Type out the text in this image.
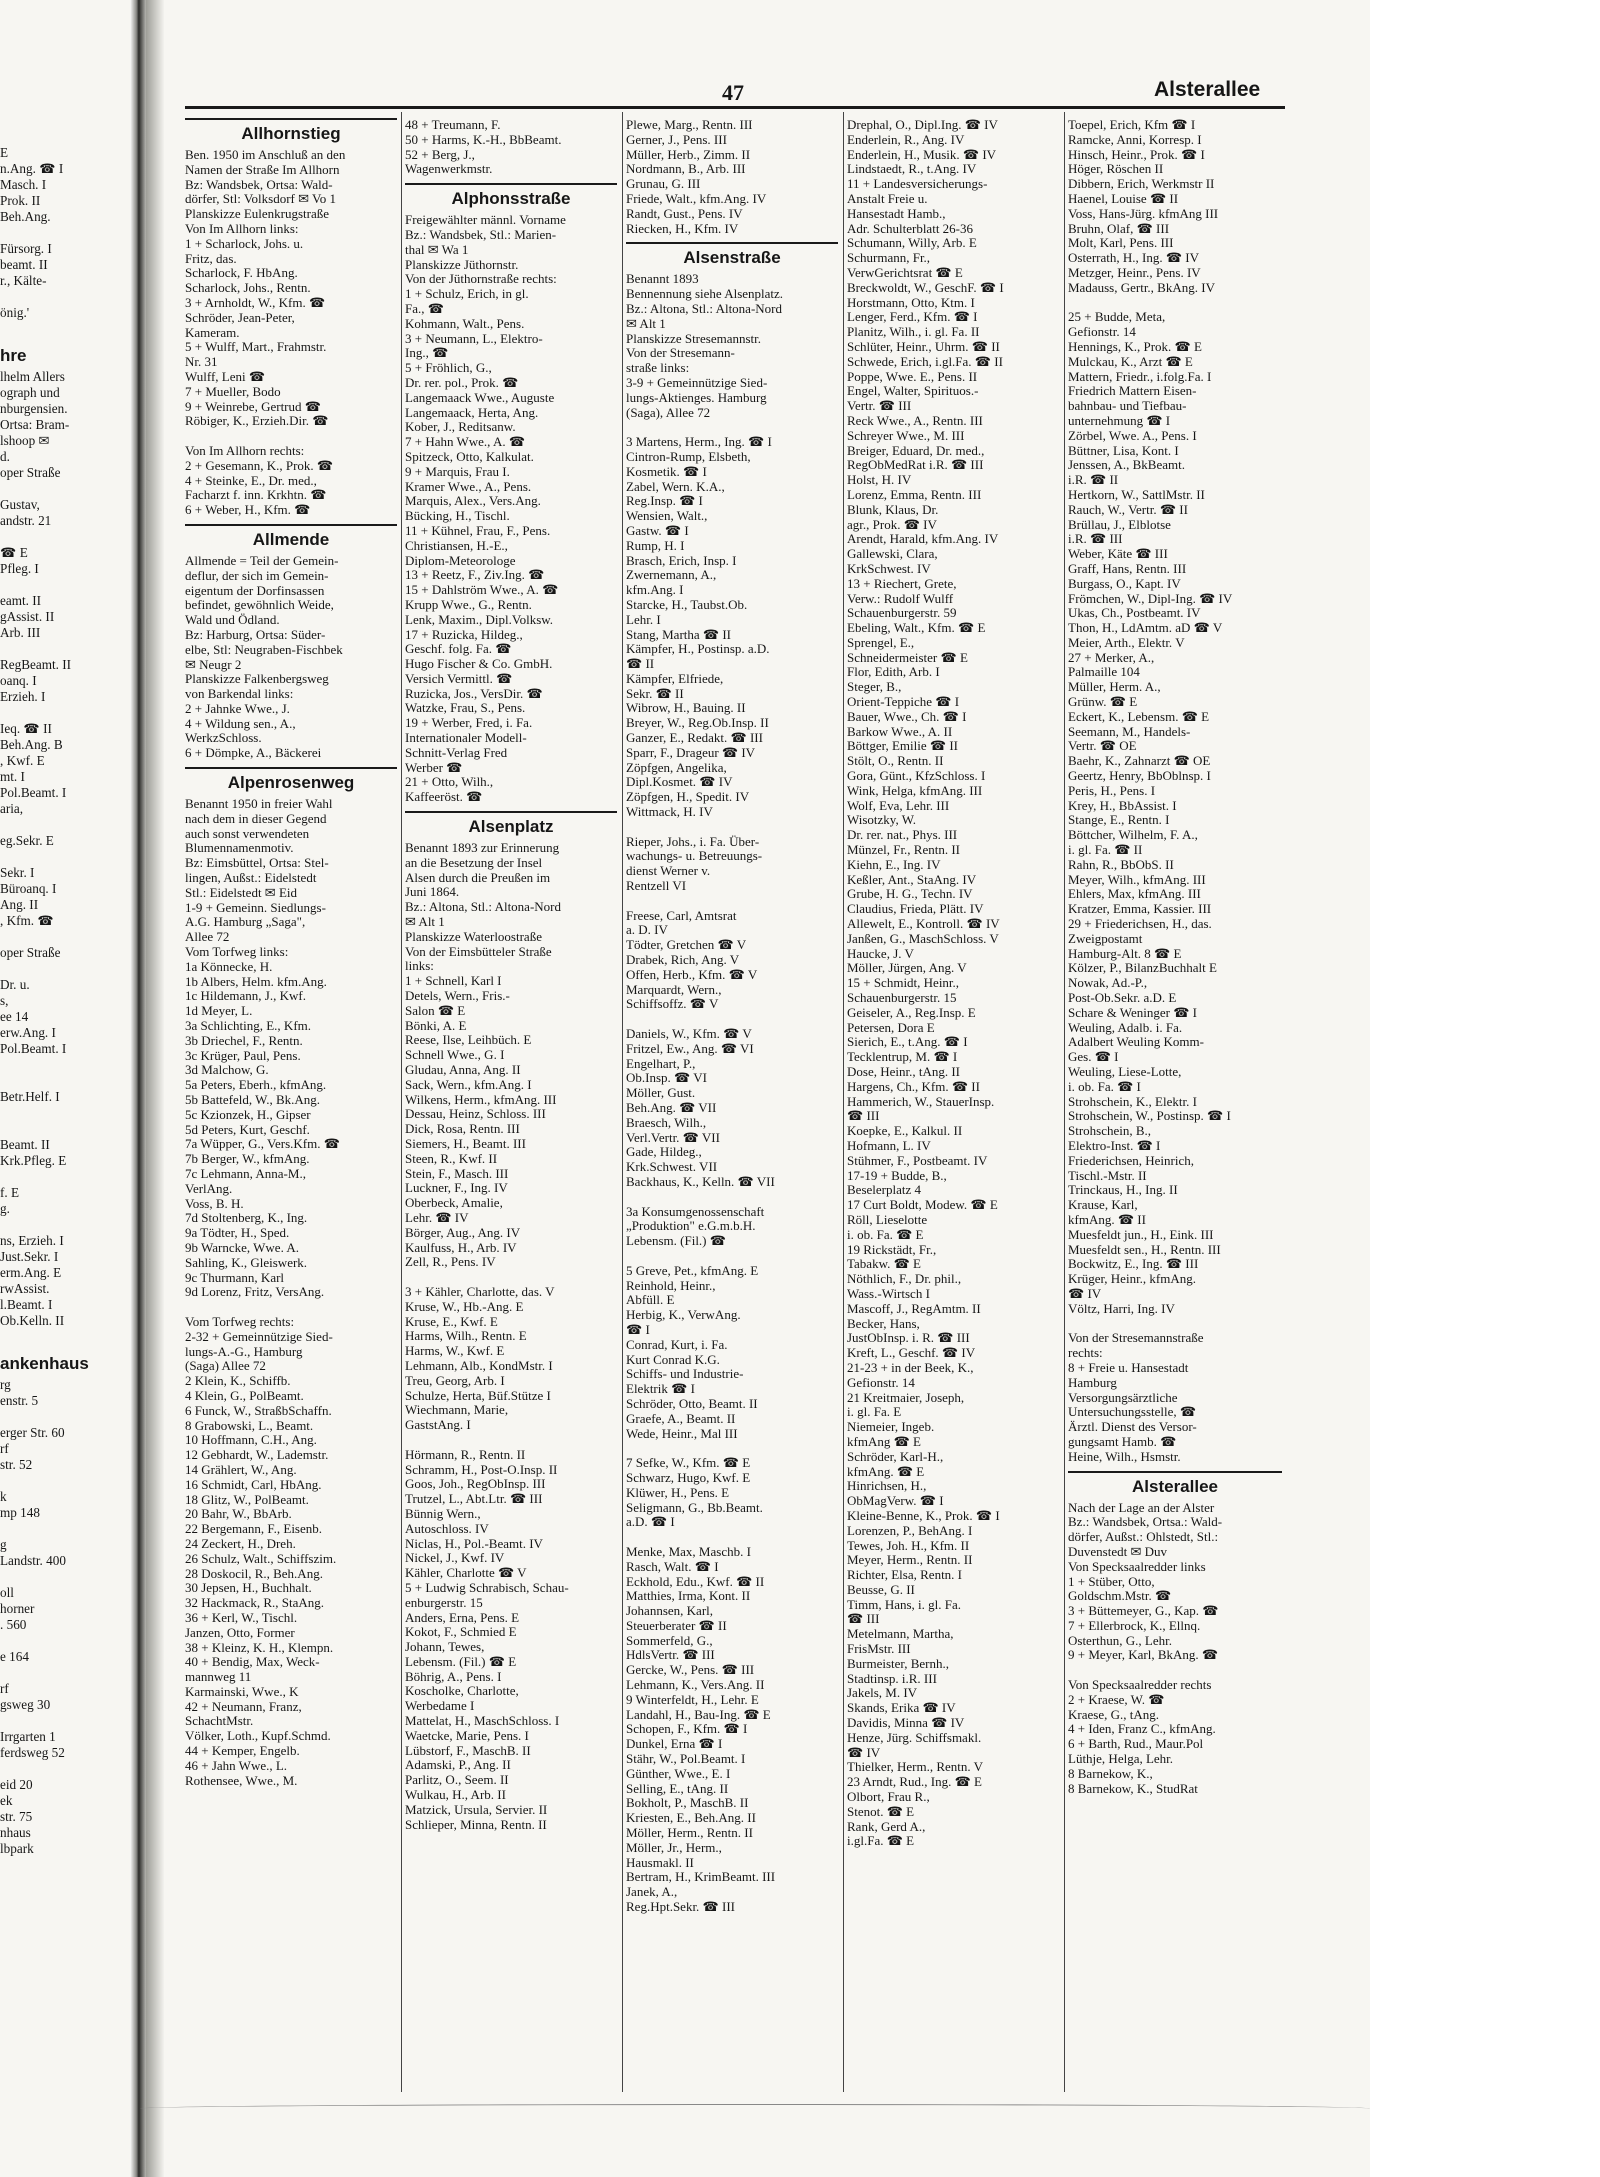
E
n.Ang. ☎ I
Masch. I
Prok. II
Beh.Ang.

Fürsorg. I
beamt. II
r., Kälte-

önig.'

hre
lhelm Allers
ograph und
nburgensien.
Ortsa: Bram-
lshoop ✉
d.
oper Straße

Gustav,
andstr. 21

☎ E
Pfleg. I

eamt. II
gAssist. II
Arb. III

RegBeamt. II
oanq. I
Erzieh. I

Ieq. ☎ II
Beh.Ang. B
, Kwf. E
mt. I
Pol.Beamt. I
aria,

eg.Sekr. E

Sekr. I
Büroanq. I
Ang. II
, Kfm. ☎

oper Straße

Dr. u.
s,
ee 14
erw.Ang. I
Pol.Beamt. I

Betr.Helf. I

Beamt. II
Krk.Pfleg. E

f. E
g.

ns, Erzieh. I
Just.Sekr. I
erm.Ang. E
rwAssist.
l.Beamt. I
Ob.Kelln. II

ankenhaus
rg
enstr. 5

erger Str. 60
rf
str. 52

k
mp 148

g
Landstr. 400

oll
horner
. 560

e 164

rf
gsweg 30

Irrgarten 1
ferdsweg 52

eid 20
ek
str. 75
nhaus
lbpark

47	Alsterallee
Allhornstieg
Ben. 1950 im Anschluß an den
Namen der Straße Im Allhorn
Bz: Wandsbek, Ortsa: Wald-
dörfer, Stl: Volksdorf ✉ Vo 1
Planskizze Eulenkrugstraße
Von Im Allhorn links:
1 + Scharlock, Johs. u.
Fritz, das.
Scharlock, F. HbAng.
Scharlock, Johs., Rentn.
3 + Arnholdt, W., Kfm. ☎
Schröder, Jean-Peter,
Kameram.
5 + Wulff, Mart., Frahmstr.
Nr. 31
Wulff, Leni ☎
7 + Mueller, Bodo
9 + Weinrebe, Gertrud ☎
Röbiger, K., Erzieh.Dir. ☎

Von Im Allhorn rechts:
2 + Gesemann, K., Prok. ☎
4 + Steinke, E., Dr. med.,
Facharzt f. inn. Krkhtn. ☎
6 + Weber, H., Kfm. ☎
Allmende
Allmende = Teil der Gemein-
deflur, der sich im Gemein-
eigentum der Dorfinsassen
befindet, gewöhnlich Weide,
Wald und Ödland.
Bz: Harburg, Ortsa: Süder-
elbe, Stl: Neugraben-Fischbek
✉ Neugr 2
Planskizze Falkenbergsweg
von Barkendal links:
2 + Jahnke Wwe., J.
4 + Wildung sen., A.,
WerkzSchloss.
6 + Dömpke, A., Bäckerei
Alpenrosenweg
Benannt 1950 in freier Wahl
nach dem in dieser Gegend
auch sonst verwendeten
Blumennamenmotiv.
Bz: Eimsbüttel, Ortsa: Stel-
lingen, Außst.: Eidelstedt
Stl.: Eidelstedt ✉ Eid
1-9 + Gemeinn. Siedlungs-
A.G. Hamburg „Saga",
Allee 72
Vom Torfweg links:
1a Könnecke, H.
1b Albers, Helm. kfm.Ang.
1c Hildemann, J., Kwf.
1d Meyer, L.
3a Schlichting, E., Kfm.
3b Driechel, F., Rentn.
3c Krüger, Paul, Pens.
3d Malchow, G.
5a Peters, Eberh., kfmAng.
5b Battefeld, W., Bk.Ang.
5c Kzionzek, H., Gipser
5d Peters, Kurt, Geschf.
7a Wüpper, G., Vers.Kfm. ☎
7b Berger, W., kfmAng.
7c Lehmann, Anna-M.,
VerlAng.
Voss, B. H.
7d Stoltenberg, K., Ing.
9a Tödter, H., Sped.
9b Warncke, Wwe. A.
Sahling, K., Gleiswerk.
9c Thurmann, Karl
9d Lorenz, Fritz, VersAng.

Vom Torfweg rechts:
2-32 + Gemeinnützige Sied-
lungs-A.-G., Hamburg
(Saga) Allee 72
2 Klein, K., Schiffb.
4 Klein, G., PolBeamt.
6 Funck, W., StraßbSchaffn.
8 Grabowski, L., Beamt.
10 Hoffmann, C.H., Ang.
12 Gebhardt, W., Lademstr.
14 Grählert, W., Ang.
16 Schmidt, Carl, HbAng.
18 Glitz, W., PolBeamt.
20 Bahr, W., BbArb.
22 Bergemann, F., Eisenb.
24 Zeckert, H., Dreh.
26 Schulz, Walt., Schiffszim.
28 Doskocil, R., Beh.Ang.
30 Jepsen, H., Buchhalt.
32 Hackmack, R., StaAng.
36 + Kerl, W., Tischl.
Janzen, Otto, Former
38 + Kleinz, K. H., Klempn.
40 + Bendig, Max, Weck-
mannweg 11
Karmainski, Wwe., K
42 + Neumann, Franz,
SchachtMstr.
Völker, Loth., Kupf.Schmd.
44 + Kemper, Engelb.
46 + Jahn Wwe., L.
Rothensee, Wwe., M.
48 + Treumann, F.
50 + Harms, K.-H., BbBeamt.
52 + Berg, J.,
Wagenwerkmstr.
Alphonsstraße
Freigewählter männl. Vorname
Bz.: Wandsbek, Stl.: Marien-
thal ✉ Wa 1
Planskizze Jüthornstr.
Von der Jüthornstraße rechts:
1 + Schulz, Erich, in gl.
Fa., ☎
Kohmann, Walt., Pens.
3 + Neumann, L., Elektro-
Ing., ☎
5 + Fröhlich, G.,
Dr. rer. pol., Prok. ☎
Langemaack Wwe., Auguste
Langemaack, Herta, Ang.
Kober, J., Reditsanw.
7 + Hahn Wwe., A. ☎
Spitzeck, Otto, Kalkulat.
9 + Marquis, Frau I.
Kramer Wwe., A., Pens.
Marquis, Alex., Vers.Ang.
Bücking, H., Tischl.
11 + Kühnel, Frau, F., Pens.
Christiansen, H.-E.,
Diplom-Meteorologe
13 + Reetz, F., Ziv.Ing. ☎
15 + Dahlström Wwe., A. ☎
Krupp Wwe., G., Rentn.
Lenk, Maxim., Dipl.Volksw.
17 + Ruzicka, Hildeg.,
Geschf. folg. Fa. ☎
Hugo Fischer & Co. GmbH.
Versich Vermittl. ☎
Ruzicka, Jos., VersDir. ☎
Watzke, Frau, S., Pens.
19 + Werber, Fred, i. Fa.
Internationaler Modell-
Schnitt-Verlag Fred
Werber ☎
21 + Otto, Wilh.,
Kaffeeröst. ☎
Alsenplatz
Benannt 1893 zur Erinnerung
an die Besetzung der Insel
Alsen durch die Preußen im
Juni 1864.
Bz.: Altona, Stl.: Altona-Nord
✉ Alt 1
Planskizze Waterloostraße
Von der Eimsbütteler Straße
links:
1 + Schnell, Karl I
Detels, Wern., Fris.-
Salon ☎ E
Bönki, A. E
Reese, Ilse, Leihbüch. E
Schnell Wwe., G. I
Gludau, Anna, Ang. II
Sack, Wern., kfm.Ang. I
Wilkens, Herm., kfmAng. III
Dessau, Heinz, Schloss. III
Dick, Rosa, Rentn. III
Siemers, H., Beamt. III
Steen, R., Kwf. II
Stein, F., Masch. III
Luckner, F., Ing. IV
Oberbeck, Amalie,
Lehr. ☎ IV
Börger, Aug., Ang. IV
Kaulfuss, H., Arb. IV
Zell, R., Pens. IV

3 + Kähler, Charlotte, das. V
Kruse, W., Hb.-Ang. E
Kruse, E., Kwf. E
Harms, Wilh., Rentn. E
Harms, W., Kwf. E
Lehmann, Alb., KondMstr. I
Treu, Georg, Arb. I
Schulze, Herta, Büf.Stütze I
Wiechmann, Marie,
GaststAng. I

Hörmann, R., Rentn. II
Schramm, H., Post-O.Insp. II
Goos, Joh., RegObInsp. III
Trutzel, L., Abt.Ltr. ☎ III
Bünnig Wern.,
Autoschloss. IV
Niclas, H., Pol.-Beamt. IV
Nickel, J., Kwf. IV
Kähler, Charlotte ☎ V
5 + Ludwig Schrabisch, Schau-
enburgerstr. 15
Anders, Erna, Pens. E
Kokot, F., Schmied E
Johann, Tewes,
Lebensm. (Fil.) ☎ E
Böhrig, A., Pens. I
Koscholke, Charlotte,
Werbedame I
Mattelat, H., MaschSchloss. I
Waetcke, Marie, Pens. I
Lübstorf, F., MaschB. II
Adamski, P., Ang. II
Parlitz, O., Seem. II
Wulkau, H., Arb. II
Matzick, Ursula, Servier. II
Schlieper, Minna, Rentn. II
Plewe, Marg., Rentn. III
Gerner, J., Pens. III
Müller, Herb., Zimm. II
Nordmann, B., Arb. III
Grunau, G. III
Friede, Walt., kfm.Ang. IV
Randt, Gust., Pens. IV
Riecken, H., Kfm. IV
Alsenstraße
Benannt 1893
Bennennung siehe Alsenplatz.
Bz.: Altona, Stl.: Altona-Nord
✉ Alt 1
Planskizze Stresemannstr.
Von der Stresemann-
straße links:
3-9 + Gemeinnützige Sied-
lungs-Aktienges. Hamburg
(Saga), Allee 72

3 Martens, Herm., Ing. ☎ I
Cintron-Rump, Elsbeth,
Kosmetik. ☎ I
Zabel, Wern. K.A.,
Reg.Insp. ☎ I
Wensien, Walt.,
Gastw. ☎ I
Rump, H. I
Brasch, Erich, Insp. I
Zwernemann, A.,
kfm.Ang. I
Starcke, H., Taubst.Ob.
Lehr. I
Stang, Martha ☎ II
Kämpfer, H., Postinsp. a.D.
☎ II
Kämpfer, Elfriede,
Sekr. ☎ II
Wibrow, H., Bauing. II
Breyer, W., Reg.Ob.Insp. II
Ganzer, E., Redakt. ☎ III
Sparr, F., Drageur ☎ IV
Zöpfgen, Angelika,
Dipl.Kosmet. ☎ IV
Zöpfgen, H., Spedit. IV
Wittmack, H. IV

Rieper, Johs., i. Fa. Über-
wachungs- u. Betreuungs-
dienst Werner v.
Rentzell VI

Freese, Carl, Amtsrat
a. D. IV
Tödter, Gretchen ☎ V
Drabek, Rich, Ang. V
Offen, Herb., Kfm. ☎ V
Marquardt, Wern.,
Schiffsoffz. ☎ V

Daniels, W., Kfm. ☎ V
Fritzel, Ew., Ang. ☎ VI
Engelhart, P.,
Ob.Insp. ☎ VI
Möller, Gust.
Beh.Ang. ☎ VII
Braesch, Wilh.,
Verl.Vertr. ☎ VII
Gade, Hildeg.,
Krk.Schwest. VII
Backhaus, K., Kelln. ☎ VII

3a Konsumgenossenschaft
„Produktion" e.G.m.b.H.
Lebensm. (Fil.) ☎

5 Greve, Pet., kfmAng. E
Reinhold, Heinr.,
Abfüll. E
Herbig, K., VerwAng.
☎ I
Conrad, Kurt, i. Fa.
Kurt Conrad K.G.
Schiffs- und Industrie-
Elektrik ☎ I
Schröder, Otto, Beamt. II
Graefe, A., Beamt. II
Wede, Heinr., Mal III

7 Sefke, W., Kfm. ☎ E
Schwarz, Hugo, Kwf. E
Klüwer, H., Pens. E
Seligmann, G., Bb.Beamt.
a.D. ☎ I

Menke, Max, Maschb. I
Rasch, Walt. ☎ I
Eckhold, Edu., Kwf. ☎ II
Matthies, Irma, Kont. II
Johannsen, Karl,
Steuerberater ☎ II
Sommerfeld, G.,
HdlsVertr. ☎ III
Gercke, W., Pens. ☎ III
Lehmann, K., Vers.Ang. II
9 Winterfeldt, H., Lehr. E
Landahl, H., Bau-Ing. ☎ E
Schopen, F., Kfm. ☎ I
Dunkel, Erna ☎ I
Stähr, W., Pol.Beamt. I
Günther, Wwe., E. I
Selling, E., tAng. II
Bokholt, P., MaschB. II
Kriesten, E., Beh.Ang. II
Möller, Herm., Rentn. II
Möller, Jr., Herm.,
Hausmakl. II
Bertram, H., KrimBeamt. III
Janek, A.,
Reg.Hpt.Sekr. ☎ III
Drephal, O., Dipl.Ing. ☎ IV
Enderlein, R., Ang. IV
Enderlein, H., Musik. ☎ IV
Lindstaedt, R., t.Ang. IV
11 + Landesversicherungs-
Anstalt Freie u.
Hansestadt Hamb.,
Adr. Schulterblatt 26-36
Schumann, Willy, Arb. E
Schurmann, Fr.,
VerwGerichtsrat ☎ E
Breckwoldt, W., GeschF. ☎ I
Horstmann, Otto, Ktm. I
Lenger, Ferd., Kfm. ☎ I
Planitz, Wilh., i. gl. Fa. II
Schlüter, Heinr., Uhrm. ☎ II
Schwede, Erich, i.gl.Fa. ☎ II
Poppe, Wwe. E., Pens. II
Engel, Walter, Spirituos.-
Vertr. ☎ III
Reck Wwe., A., Rentn. III
Schreyer Wwe., M. III
Breiger, Eduard, Dr. med.,
RegObMedRat i.R. ☎ III
Holst, H. IV
Lorenz, Emma, Rentn. III
Blunk, Klaus, Dr.
agr., Prok. ☎ IV
Arendt, Harald, kfm.Ang. IV
Gallewski, Clara,
KrkSchwest. IV
13 + Riechert, Grete,
Verw.: Rudolf Wulff
Schauenburgerstr. 59
Ebeling, Walt., Kfm. ☎ E
Sprengel, E.,
Schneidermeister ☎ E
Flor, Edith, Arb. I
Steger, B.,
Orient-Teppiche ☎ I
Bauer, Wwe., Ch. ☎ I
Barkow Wwe., A. II
Böttger, Emilie ☎ II
Stölt, O., Rentn. II
Gora, Günt., KfzSchloss. I
Wink, Helga, kfmAng. III
Wolf, Eva, Lehr. III
Wisotzky, W.
Dr. rer. nat., Phys. III
Münzel, Fr., Rentn. II
Kiehn, E., Ing. IV
Keßler, Ant., StaAng. IV
Grube, H. G., Techn. IV
Claudius, Frieda, Plätt. IV
Allewelt, E., Kontroll. ☎ IV
Janßen, G., MaschSchloss. V
Haucke, J. V
Möller, Jürgen, Ang. V
15 + Schmidt, Heinr.,
Schauenburgerstr. 15
Geiseler, A., Reg.Insp. E
Petersen, Dora E
Sierich, E., t.Ang. ☎ I
Tecklentrup, M. ☎ I
Dose, Heinr., tAng. II
Hargens, Ch., Kfm. ☎ II
Hammerich, W., StauerInsp.
☎ III
Koepke, E., Kalkul. II
Hofmann, L. IV
Stühmer, F., Postbeamt. IV
17-19 + Budde, B.,
Beselerplatz 4
17 Curt Boldt, Modew. ☎ E
Röll, Lieselotte
i. ob. Fa. ☎ E
19 Rickstädt, Fr.,
Tabakw. ☎ E
Nöthlich, F., Dr. phil.,
Wass.-Wirtsch I
Mascoff, J., RegAmtm. II
Becker, Hans,
JustObInsp. i. R. ☎ III
Kreft, L., Geschf. ☎ IV
21-23 + in der Beek, K.,
Gefionstr. 14
21 Kreitmaier, Joseph,
i. gl. Fa. E
Niemeier, Ingeb.
kfmAng ☎ E
Schröder, Karl-H.,
kfmAng. ☎ E
Hinrichsen, H.,
ObMagVerw. ☎ I
Kleine-Benne, K., Prok. ☎ I
Lorenzen, P., BehAng. I
Tewes, Joh. H., Kfm. II
Meyer, Herm., Rentn. II
Richter, Elsa, Rentn. I
Beusse, G. II
Timm, Hans, i. gl. Fa.
☎ III
Metelmann, Martha,
FrisMstr. III
Burmeister, Bernh.,
Stadtinsp. i.R. III
Jakels, M. IV
Skands, Erika ☎ IV
Davidis, Minna ☎ IV
Henze, Jürg. Schiffsmakl.
☎ IV
Thielker, Herm., Rentn. V
23 Arndt, Rud., Ing. ☎ E
Olbort, Frau R.,
Stenot. ☎ E
Rank, Gerd A.,
i.gl.Fa. ☎ E
Toepel, Erich, Kfm ☎ I
Ramcke, Anni, Korresp. I
Hinsch, Heinr., Prok. ☎ I
Höger, Röschen II
Dibbern, Erich, Werkmstr II
Haenel, Louise ☎ II
Voss, Hans-Jürg. kfmAng III
Bruhn, Olaf, ☎ III
Molt, Karl, Pens. III
Osterrath, H., Ing. ☎ IV
Metzger, Heinr., Pens. IV
Madauss, Gertr., BkAng. IV

25 + Budde, Meta,
Gefionstr. 14
Hennings, K., Prok. ☎ E
Mulckau, K., Arzt ☎ E
Mattern, Friedr., i.folg.Fa. I
Friedrich Mattern Eisen-
bahnbau- und Tiefbau-
unternehmung ☎ I
Zörbel, Wwe. A., Pens. I
Büttner, Lisa, Kont. I
Jenssen, A., BkBeamt.
i.R. ☎ II
Hertkorn, W., SattlMstr. II
Rauch, W., Vertr. ☎ II
Brüllau, J., Elblotse
i.R. ☎ III
Weber, Käte ☎ III
Graff, Hans, Rentn. III
Burgass, O., Kapt. IV
Frömchen, W., Dipl-Ing. ☎ IV
Ukas, Ch., Postbeamt. IV
Thon, H., LdAmtm. aD ☎ V
Meier, Arth., Elektr. V
27 + Merker, A.,
Palmaille 104
Müller, Herm. A.,
Grünw. ☎ E
Eckert, K., Lebensm. ☎ E
Seemann, M., Handels-
Vertr. ☎ OE
Baehr, K., Zahnarzt ☎ OE
Geertz, Henry, BbOblnsp. I
Peris, H., Pens. I
Krey, H., BbAssist. I
Stange, E., Rentn. I
Böttcher, Wilhelm, F. A.,
i. gl. Fa. ☎ II
Rahn, R., BbObS. II
Meyer, Wilh., kfmAng. III
Ehlers, Max, kfmAng. III
Kratzer, Emma, Kassier. III
29 + Friederichsen, H., das.
Zweigpostamt
Hamburg-Alt. 8 ☎ E
Kölzer, P., BilanzBuchhalt E
Nowak, Ad.-P.,
Post-Ob.Sekr. a.D. E
Schare & Weninger ☎ I
Weuling, Adalb. i. Fa.
Adalbert Weuling Komm-
Ges. ☎ I
Weuling, Liese-Lotte,
i. ob. Fa. ☎ I
Strohschein, K., Elektr. I
Strohschein, W., Postinsp. ☎ I
Strohschein, B.,
Elektro-Inst. ☎ I
Friederichsen, Heinrich,
Tischl.-Mstr. II
Trinckaus, H., Ing. II
Krause, Karl,
kfmAng. ☎ II
Muesfeldt jun., H., Eink. III
Muesfeldt sen., H., Rentn. III
Bockwitz, E., Ing. ☎ III
Krüger, Heinr., kfmAng.
☎ IV
Völtz, Harri, Ing. IV

Von der Stresemannstraße
rechts:
8 + Freie u. Hansestadt
Hamburg
Versorgungsärztliche
Untersuchungsstelle, ☎
Ärztl. Dienst des Versor-
gungsamt Hamb. ☎
Heine, Wilh., Hsmstr.
Alsterallee
Nach der Lage an der Alster
Bz.: Wandsbek, Ortsa.: Wald-
dörfer, Außst.: Ohlstedt, Stl.:
Duvenstedt ✉ Duv
Von Specksaalredder links
1 + Stüber, Otto,
Goldschm.Mstr. ☎
3 + Büttemeyer, G., Kap. ☎
7 + Ellerbrock, K., Ellnq.
Osterthun, G., Lehr.
9 + Meyer, Karl, BkAng. ☎

Von Specksaalredder rechts
2 + Kraese, W. ☎
Kraese, G., tAng.
4 + Iden, Franz C., kfmAng.
6 + Barth, Rud., Maur.Pol
Lüthje, Helga, Lehr.
8 Barnekow, K.,
8 Barnekow, K., StudRat
